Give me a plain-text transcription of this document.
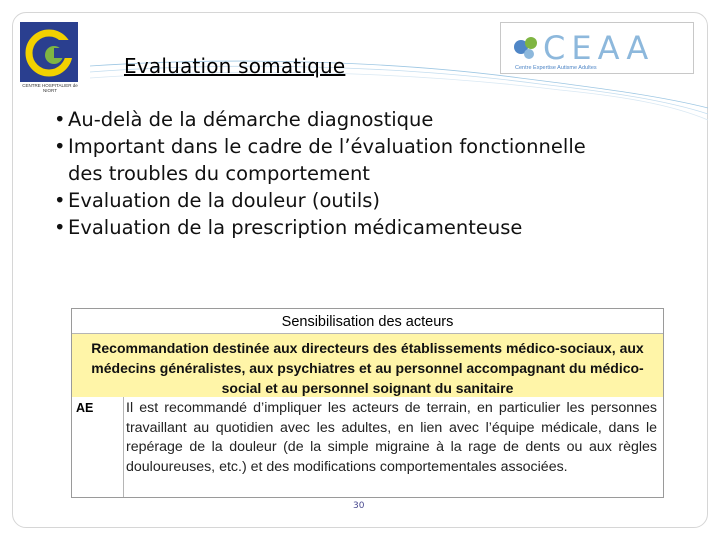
CENTRE HOSPITALIER de NIORT
CEAA
Centre Expertise Autisme Adultes
Evaluation somatique
• Au-delà de la démarche diagnostique
• Important dans le cadre de l’évaluation fonctionnelle des troubles du comportement
• Evaluation de la douleur (outils)
• Evaluation de la prescription médicamenteuse
Sensibilisation des acteurs
Recommandation destinée aux directeurs des établissements médico-sociaux, aux médecins généralistes, aux psychiatres et au personnel accompagnant du médico-social et au personnel soignant du sanitaire
AE	Il est recommandé d’impliquer les acteurs de terrain, en particulier les personnes travaillant au quotidien avec les adultes, en lien avec l’équipe médicale, dans le repérage de la douleur (de la simple migraine à la rage de dents ou aux règles douloureuses, etc.) et des modifications comportementales associées.
30
